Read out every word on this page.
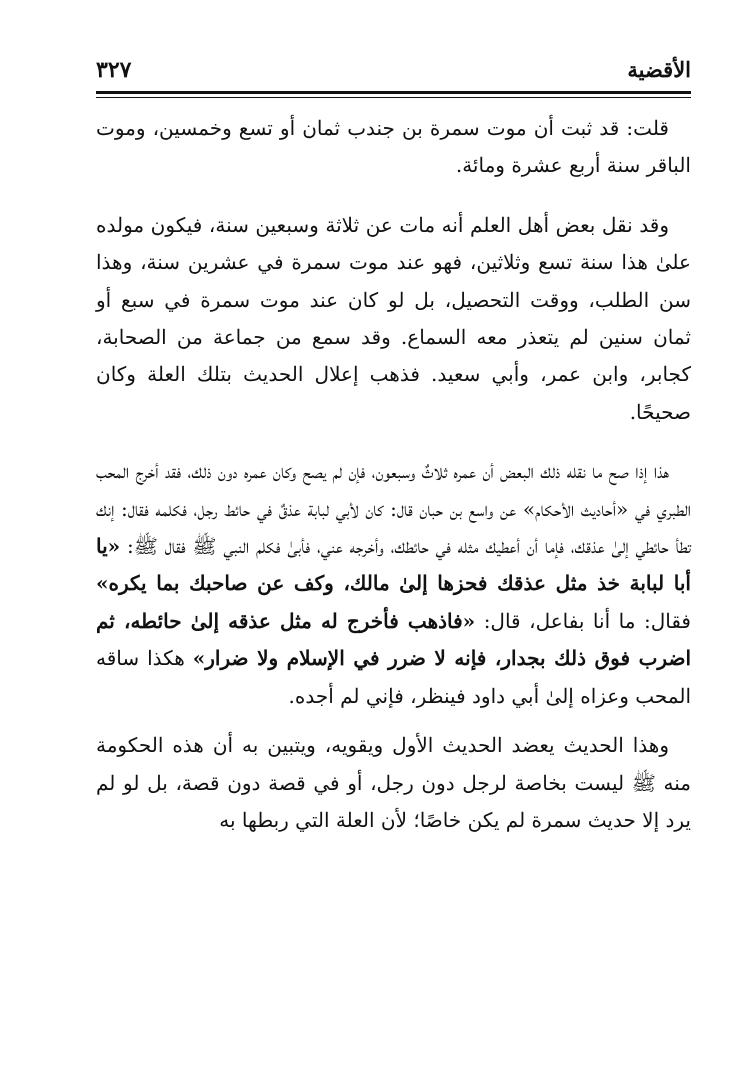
الأقضية
٣٢٧

قلت: قد ثبت أن موت سمرة بن جندب ثمان أو تسع وخمسين، وموت الباقر سنة أربع عشرة ومائة.

وقد نقل بعض أهل العلم أنه مات عن ثلاثة وسبعين سنة، فيكون مولده علىٰ هذا سنة تسع وثلاثين، فهو عند موت سمرة في عشرين سنة، وهذا سن الطلب، ووقت التحصيل، بل لو كان عند موت سمرة في سبع أو ثمان سنين لم يتعذر معه السماع. وقد سمع من جماعة من الصحابة، كجابر، وابن عمر، وأبي سعيد. فذهب إعلال الحديث بتلك العلة وكان صحيحًا.

هذا إذا صح ما نقله ذلك البعض أن عمره ثلاثٌ وسبعون، فإن لم يصح وكان عمره دون ذلك، فقد أخرج المحب الطبري في «أحاديث الأحكام» عن واسع بن حبان قال: كان لأبي لبابة عذقٌ في حائط رجل، فكلمه فقال: إنك تطأ حائطي إلىٰ عذقك، فإما أن أعطيك مثله في حائطك، وأخرجه عني، فأبىٰ فكلم النبي ﷺ فقال ﷺ: «يا أبا لبابة خذ مثل عذقك فحزها إلىٰ مالك، وكف عن صاحبك بما يكره» فقال: ما أنا بفاعل، قال: «فاذهب فأخرج له مثل عذقه إلىٰ حائطه، ثم اضرب فوق ذلك بجدار، فإنه لا ضرر في الإسلام ولا ضرار» هكذا ساقه المحب وعزاه إلىٰ أبي داود فينظر، فإني لم أجده.

وهذا الحديث يعضد الحديث الأول ويقويه، ويتبين به أن هذه الحكومة منه ﷺ ليست بخاصة لرجل دون رجل، أو في قصة دون قصة، بل لو لم يرد إلا حديث سمرة لم يكن خاصًا؛ لأن العلة التي ربطها به
